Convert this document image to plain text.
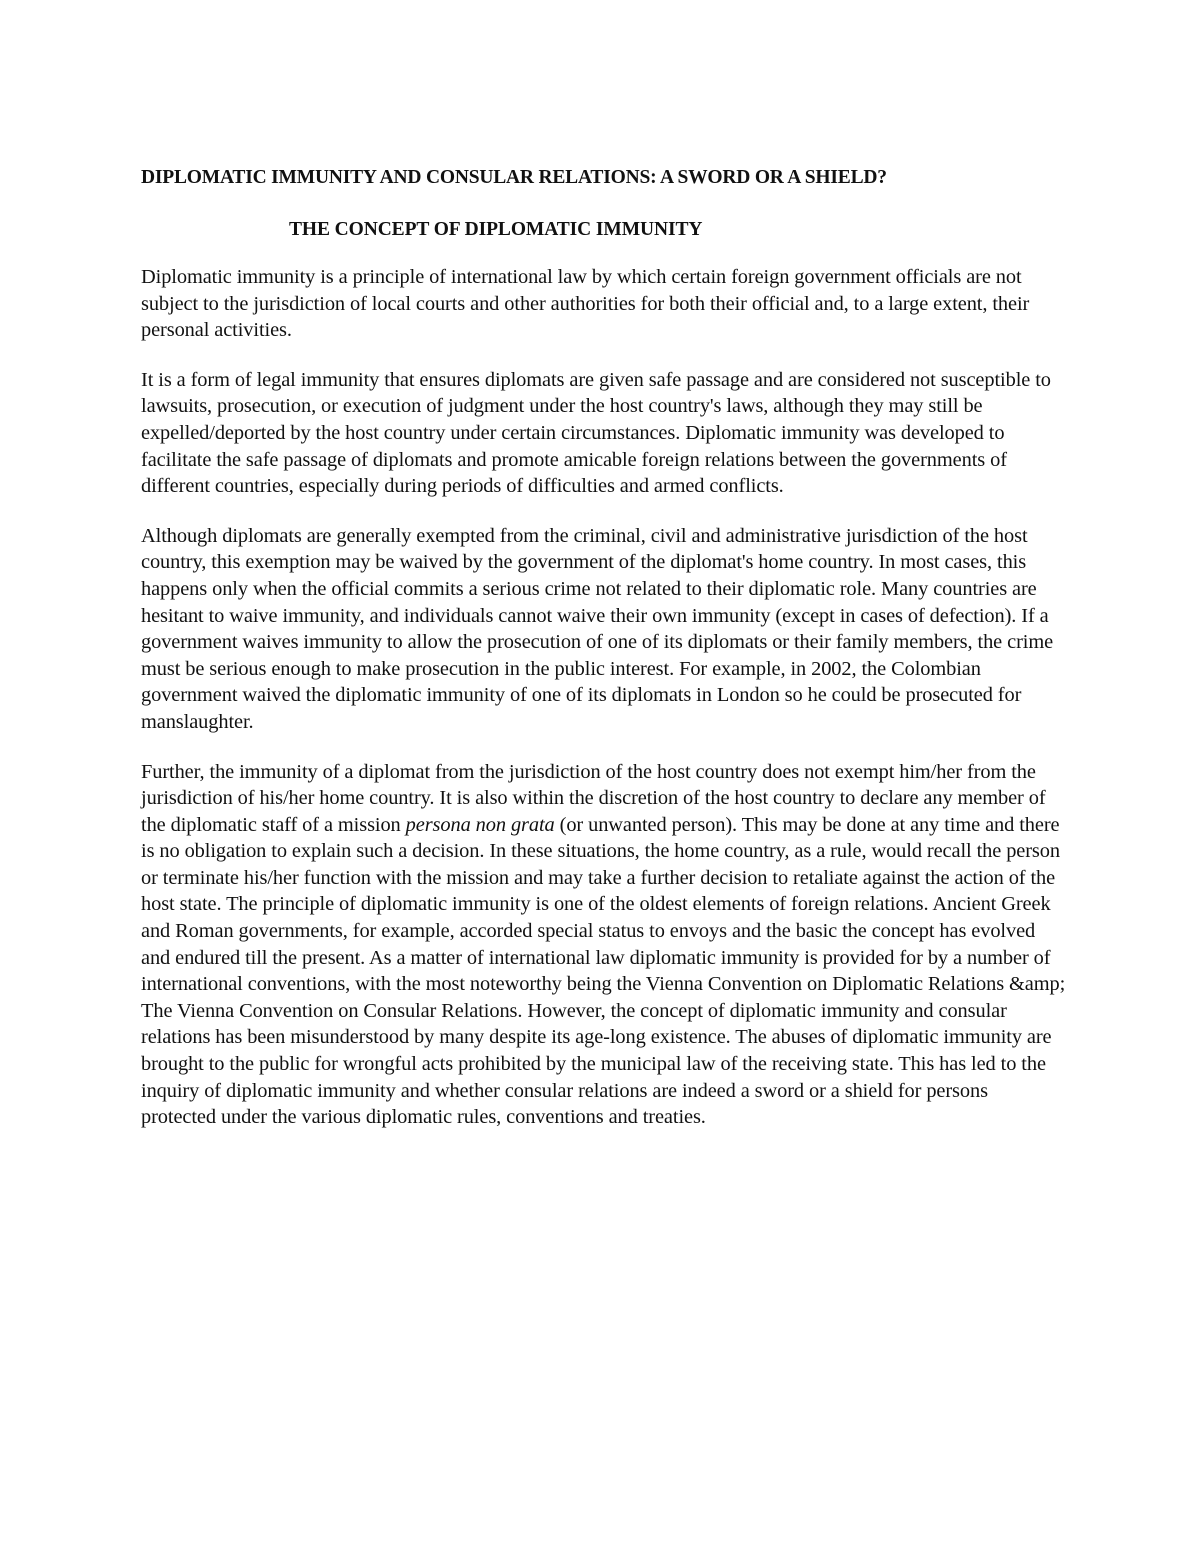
DIPLOMATIC IMMUNITY AND CONSULAR RELATIONS: A SWORD OR A SHIELD?
THE CONCEPT OF DIPLOMATIC IMMUNITY

Diplomatic immunity is a principle of international law by which certain foreign government officials are not subject to the jurisdiction of local courts and other authorities for both their official and, to a large extent, their personal activities.

It is a form of legal immunity that ensures diplomats are given safe passage and are considered not susceptible to lawsuits, prosecution, or execution of judgment under the host country's laws, although they may still be expelled/deported by the host country under certain circumstances. Diplomatic immunity was developed to facilitate the safe passage of diplomats and promote amicable foreign relations between the governments of different countries, especially during periods of difficulties and armed conflicts.

Although diplomats are generally exempted from the criminal, civil and administrative jurisdiction of the host country, this exemption may be waived by the government of the diplomat's home country. In most cases, this happens only when the official commits a serious crime not related to their diplomatic role. Many countries are hesitant to waive immunity, and individuals cannot waive their own immunity (except in cases of defection). If a government waives immunity to allow the prosecution of one of its diplomats or their family members, the crime must be serious enough to make prosecution in the public interest. For example, in 2002, the Colombian government waived the diplomatic immunity of one of its diplomats in London so he could be prosecuted for manslaughter.

Further, the immunity of a diplomat from the jurisdiction of the host country does not exempt him/her from the jurisdiction of his/her home country. It is also within the discretion of the host country to declare any member of the diplomatic staff of a mission persona non grata (or unwanted person). This may be done at any time and there is no obligation to explain such a decision. In these situations, the home country, as a rule, would recall the person or terminate his/her function with the mission and may take a further decision to retaliate against the action of the host state. The principle of diplomatic immunity is one of the oldest elements of foreign relations. Ancient Greek and Roman governments, for example, accorded special status to envoys and the basic the concept has evolved and endured till the present. As a matter of international law diplomatic immunity is provided for by a number of international conventions, with the most noteworthy being the Vienna Convention on Diplomatic Relations &amp; The Vienna Convention on Consular Relations. However, the concept of diplomatic immunity and consular relations has been misunderstood by many despite its age-long existence. The abuses of diplomatic immunity are brought to the public for wrongful acts prohibited by the municipal law of the receiving state. This has led to the inquiry of diplomatic immunity and whether consular relations are indeed a sword or a shield for persons protected under the various diplomatic rules, conventions and treaties.
